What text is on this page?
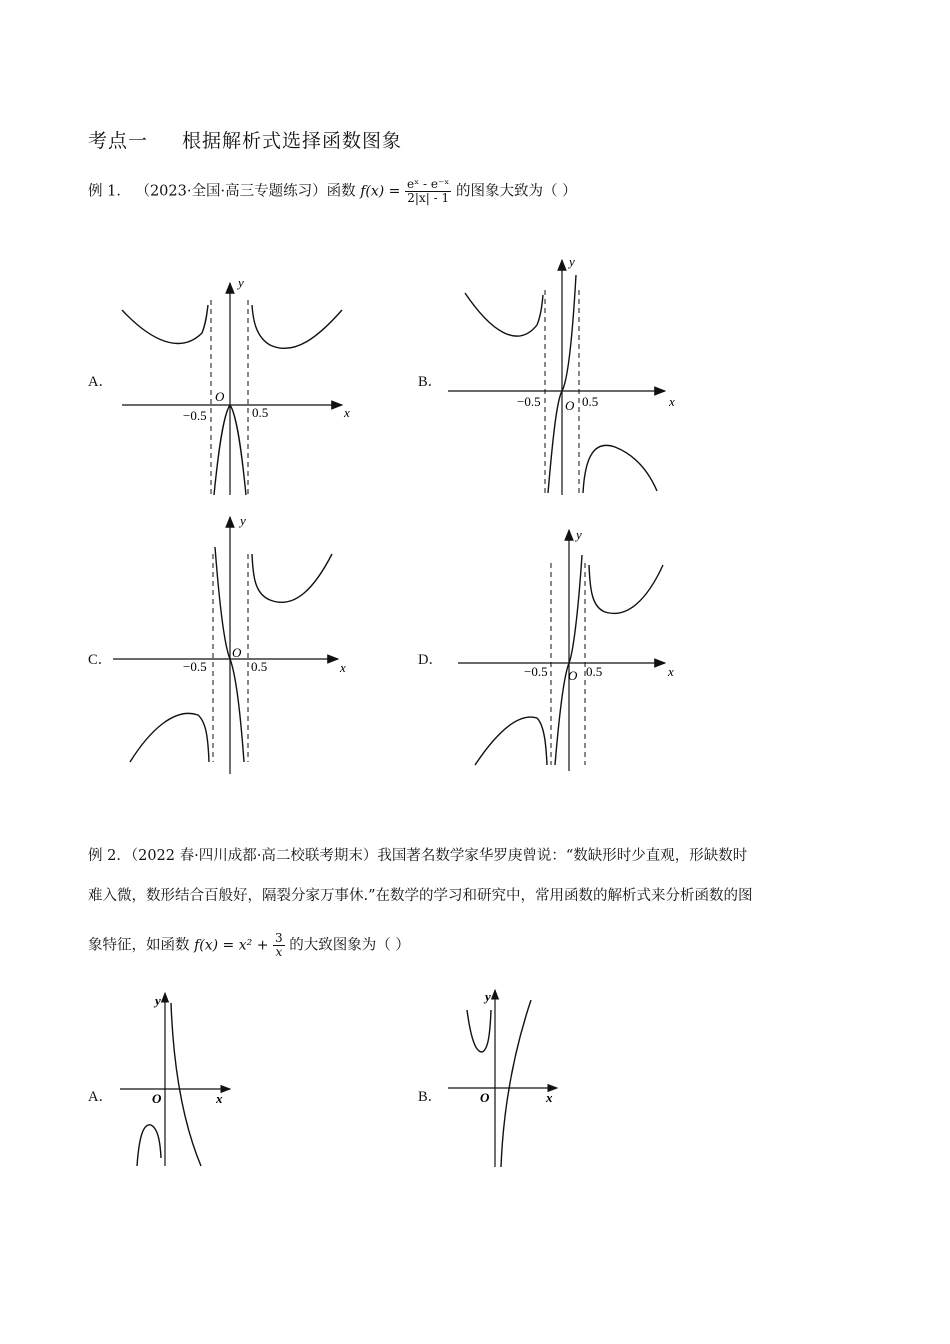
考点一 根据解析式选择函数图象
例 1． （2023·全国·高三专题练习）函数 $f(x) = \frac{\text{eˣ - e⁻ˣ}}{2|x| - 1}$ 的图象大致为（ ）
A．	B．
C．	D．
y
x
O
−0.5	0.5
y
x
O
−0.5	0.5
y
x
O
−0.5	0.5
y
x
O
−0.5	0.5
例 2．（2022 春·四川成都·高二校联考期末）我国著名数学家华罗庚曾说：“数缺形时少直观，形缺数时
难入微，数形结合百般好，隔裂分家万事休.”在数学的学习和研究中，常用函数的解析式来分析函数的图
象特征，如函数 $f(x) = x^2 + \frac{3}{x}$ 的大致图象为（ ）
A．	B．
y
x
O
y
x
O
